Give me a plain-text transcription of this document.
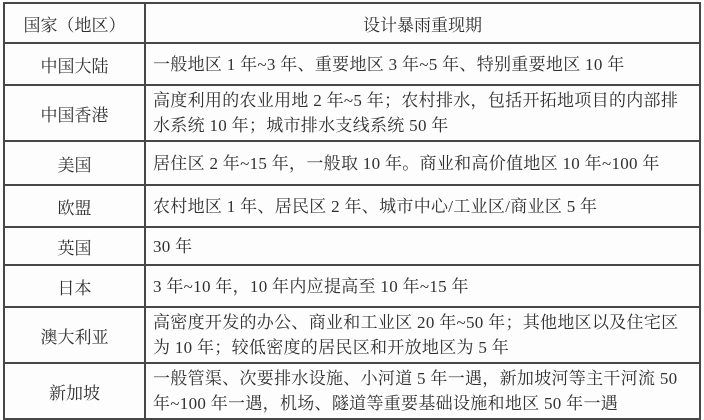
国家（地区）	设计暴雨重现期
中国大陆	一般地区 1 年~3 年、重要地区 3 年~5 年、特别重要地区 10 年
中国香港	高度利用的农业用地 2 年~5 年；农村排水，包括开拓地项目的内部排水系统 10 年；城市排水支线系统 50 年
美国	居住区 2 年~15 年，一般取 10 年。商业和高价值地区 10 年~100 年
欧盟	农村地区 1 年、居民区 2 年、城市中心/工业区/商业区 5 年
英国	30 年
日本	3 年~10 年，10 年内应提高至 10 年~15 年
澳大利亚	高密度开发的办公、商业和工业区 20 年~50 年；其他地区以及住宅区为 10 年；较低密度的居民区和开放地区为 5 年
新加坡	一般管渠、次要排水设施、小河道 5 年一遇，新加坡河等主干河流 50 年~100 年一遇，机场、隧道等重要基础设施和地区 50 年一遇
